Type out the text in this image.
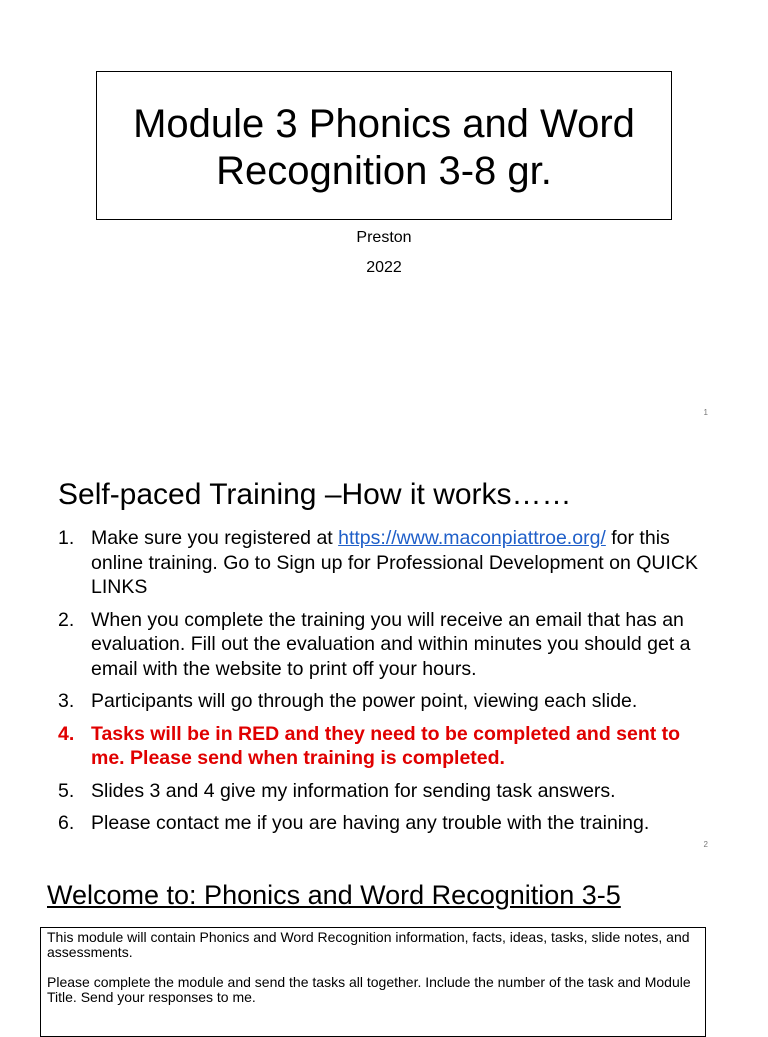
Module 3 Phonics and Word
Recognition 3-8 gr.
Preston
2022
1
Self-paced Training –How it works……
1. Make sure you registered at https://www.maconpiattroe.org/ for this online training. Go to Sign up for Professional Development on QUICK LINKS
2. When you complete the training you will receive an email that has an evaluation. Fill out the evaluation and within minutes you should get a email with the website to print off your hours.
3. Participants will go through the power point, viewing each slide.
4. Tasks will be in RED and they need to be completed and sent to me. Please send when training is completed.
5. Slides 3 and 4 give my information for sending task answers.
6. Please contact me if you are having any trouble with the training.
2
Welcome to: Phonics and Word Recognition 3-5

This module will contain Phonics and Word Recognition information, facts, ideas, tasks, slide notes, and assessments.

Please complete the module and send the tasks all together. Include the number of the task and Module Title. Send your responses to me.
